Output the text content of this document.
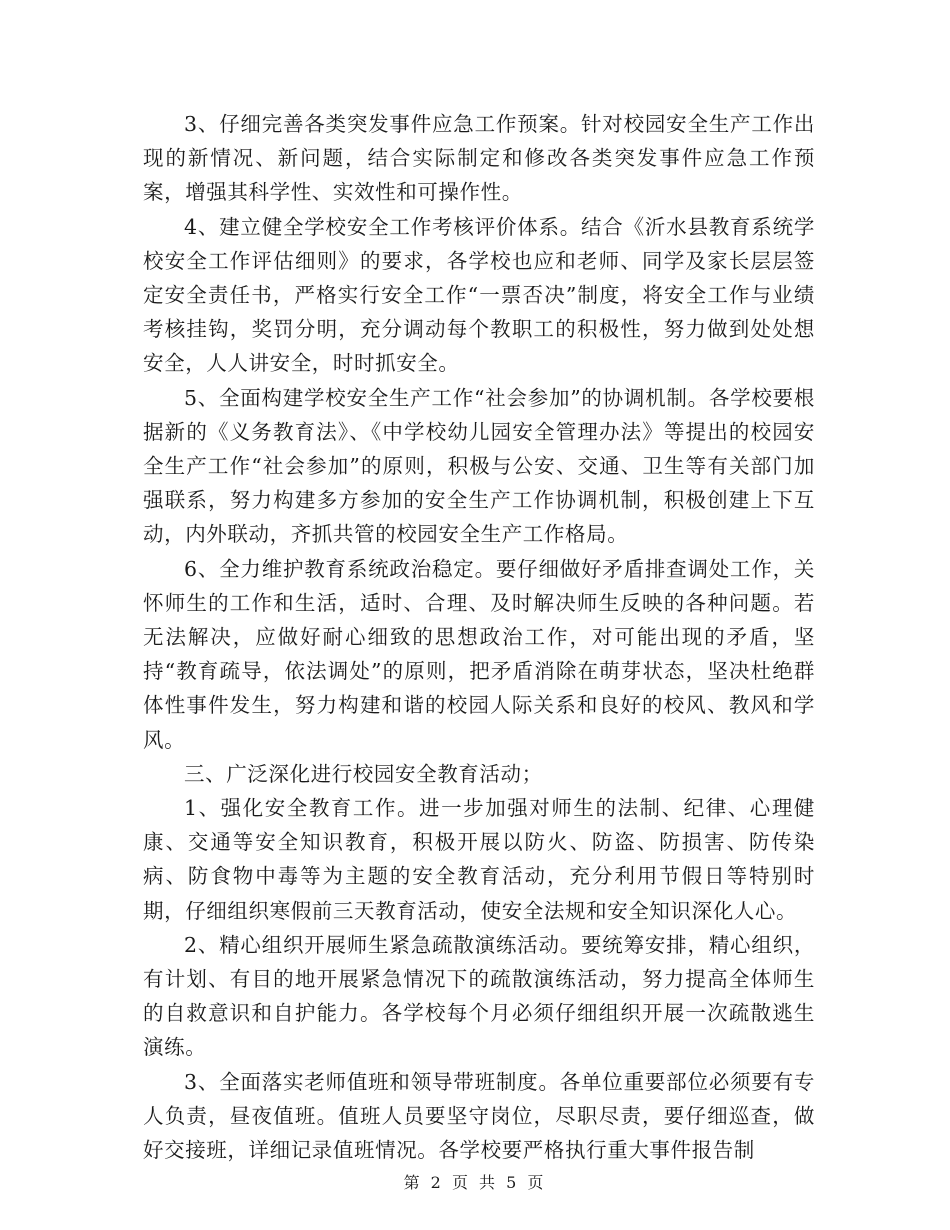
3、仔细完善各类突发事件应急工作预案。针对校园安全生产工作出现的新情况、新问题，结合实际制定和修改各类突发事件应急工作预案，增强其科学性、实效性和可操作性。

4、建立健全学校安全工作考核评价体系。结合《沂水县教育系统学校安全工作评估细则》的要求，各学校也应和老师、同学及家长层层签定安全责任书，严格实行安全工作“一票否决”制度，将安全工作与业绩考核挂钩，奖罚分明，充分调动每个教职工的积极性，努力做到处处想安全，人人讲安全，时时抓安全。

5、全面构建学校安全生产工作“社会参加”的协调机制。各学校要根据新的《义务教育法》、《中学校幼儿园安全管理办法》等提出的校园安全生产工作“社会参加”的原则，积极与公安、交通、卫生等有关部门加强联系，努力构建多方参加的安全生产工作协调机制，积极创建上下互动，内外联动，齐抓共管的校园安全生产工作格局。

6、全力维护教育系统政治稳定。要仔细做好矛盾排查调处工作，关怀师生的工作和生活，适时、合理、及时解决师生反映的各种问题。若无法解决，应做好耐心细致的思想政治工作，对可能出现的矛盾，坚持“教育疏导，依法调处”的原则，把矛盾消除在萌芽状态，坚决杜绝群体性事件发生，努力构建和谐的校园人际关系和良好的校风、教风和学风。

三、广泛深化进行校园安全教育活动；

1、强化安全教育工作。进一步加强对师生的法制、纪律、心理健康、交通等安全知识教育，积极开展以防火、防盗、防损害、防传染病、防食物中毒等为主题的安全教育活动，充分利用节假日等特别时期，仔细组织寒假前三天教育活动，使安全法规和安全知识深化人心。

2、精心组织开展师生紧急疏散演练活动。要统筹安排，精心组织，有计划、有目的地开展紧急情况下的疏散演练活动，努力提高全体师生的自救意识和自护能力。各学校每个月必须仔细组织开展一次疏散逃生演练。

3、全面落实老师值班和领导带班制度。各单位重要部位必须要有专人负责，昼夜值班。值班人员要坚守岗位，尽职尽责，要仔细巡查，做好交接班，详细记录值班情况。各学校要严格执行重大事件报告制

第 2 页 共 5 页
